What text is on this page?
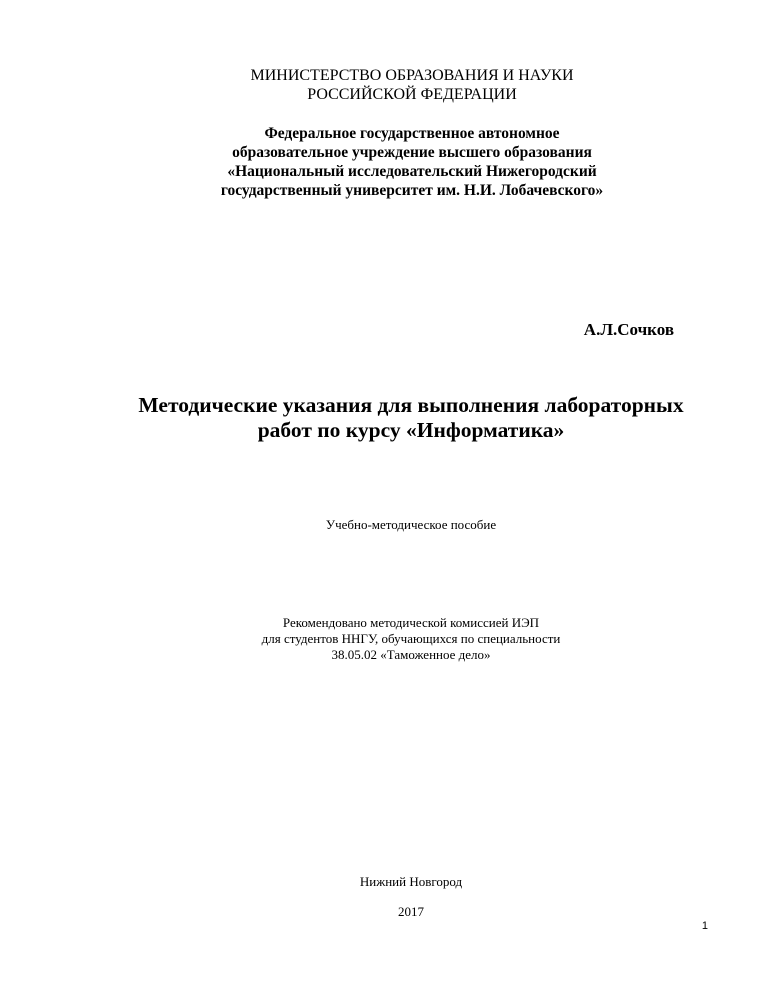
МИНИСТЕРСТВО ОБРАЗОВАНИЯ И НАУКИ
РОССИЙСКОЙ ФЕДЕРАЦИИ
Федеральное государственное автономное
образовательное учреждение высшего образования
«Национальный исследовательский Нижегородский
государственный университет им. Н.И. Лобачевского»
А.Л.Сочков
Методические указания для выполнения лабораторных
работ по курсу «Информатика»
Учебно-методическое пособие
Рекомендовано методической комиссией ИЭП
для студентов ННГУ, обучающихся по специальности
38.05.02 «Таможенное дело»
Нижний Новгород
2017
1
